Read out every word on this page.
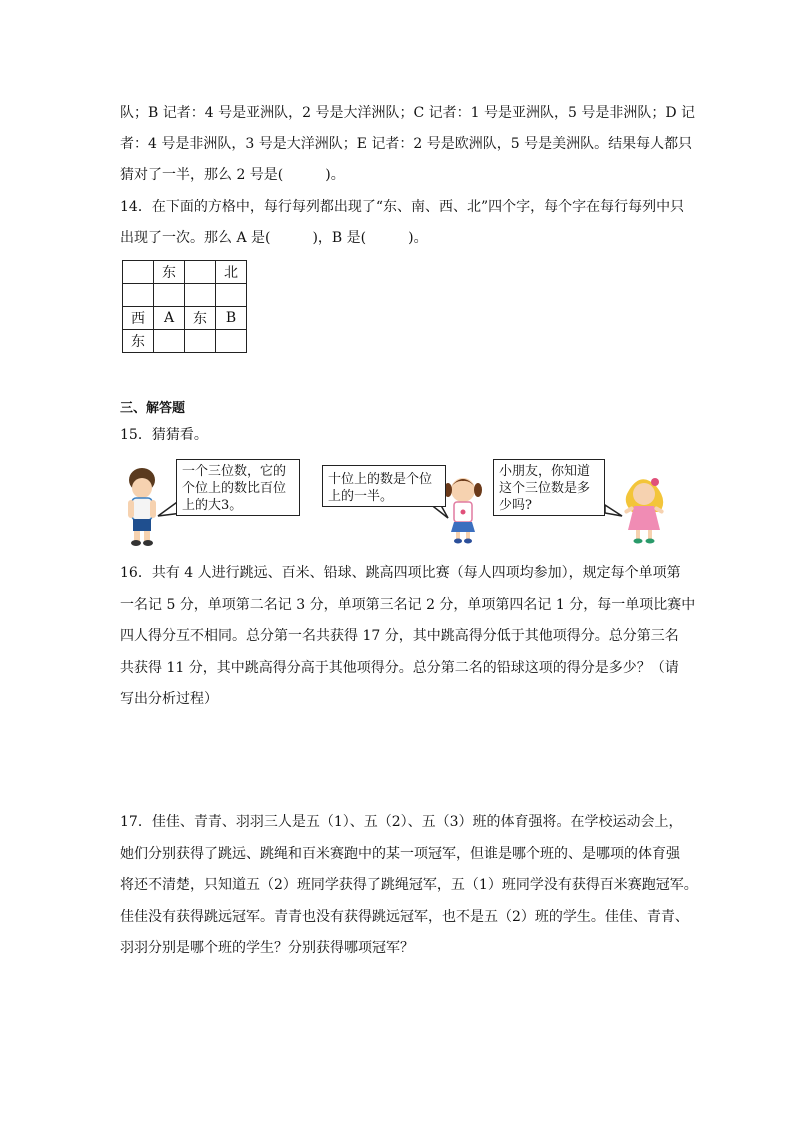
队；B 记者：4 号是亚洲队，2 号是大洋洲队；C 记者：1 号是亚洲队，5 号是非洲队；D 记
者：4 号是非洲队，3 号是大洋洲队；E 记者：2 号是欧洲队，5 号是美洲队。结果每人都只
猜对了一半，那么 2 号是(　　　)。
14．在下面的方格中，每行每列都出现了“东、南、西、北”四个字，每个字在每行每列中只
出现了一次。那么 A 是(　　　)，B 是(　　　)。
	东		北

西	A	东	B
东			
三、解答题
15．猜猜看。
一个三位数，它的
个位上的数比百位
上的大3。
十位上的数是个位
上的一半。
小朋友，你知道
这个三位数是多
少吗?
16．共有 4 人进行跳远、百米、铅球、跳高四项比赛（每人四项均参加），规定每个单项第
一名记 5 分，单项第二名记 3 分，单项第三名记 2 分，单项第四名记 1 分，每一单项比赛中
四人得分互不相同。总分第一名共获得 17 分，其中跳高得分低于其他项得分。总分第三名
共获得 11 分，其中跳高得分高于其他项得分。总分第二名的铅球这项的得分是多少？（请
写出分析过程）
17．佳佳、青青、羽羽三人是五（1）、五（2）、五（3）班的体育强将。在学校运动会上，
她们分别获得了跳远、跳绳和百米赛跑中的某一项冠军，但谁是哪个班的、是哪项的体育强
将还不清楚，只知道五（2）班同学获得了跳绳冠军，五（1）班同学没有获得百米赛跑冠军。
佳佳没有获得跳远冠军。青青也没有获得跳远冠军，也不是五（2）班的学生。佳佳、青青、
羽羽分别是哪个班的学生？分别获得哪项冠军？
